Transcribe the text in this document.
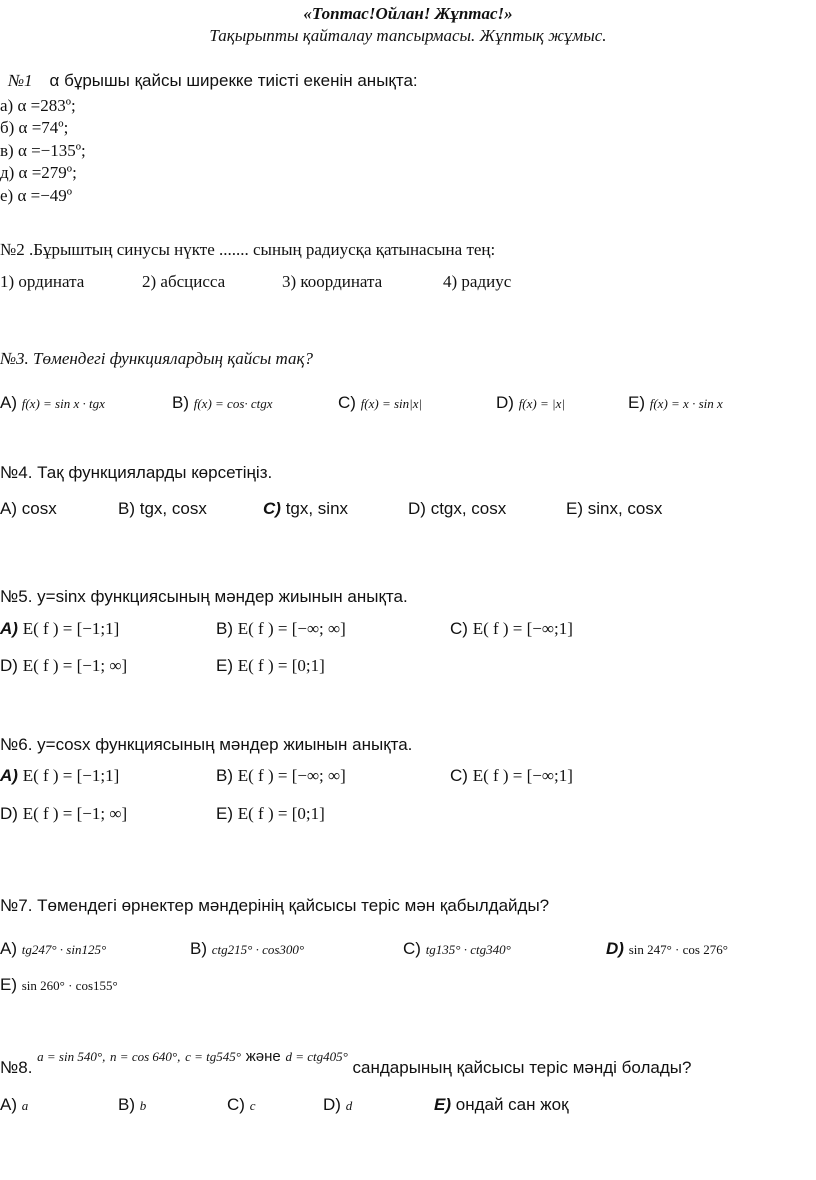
«Топтас!Ойлан! Жұптас!»
Тақырыпты қайталау тапсырмасы. Жұптық жұмыс.
№1 α бұрышы қайсы ширекке тиісті екенін анықта:
а) α =283º;
б) α =74º;
в) α =−135º;
д) α =279º;
е) α =−49º
№2 .Бұрыштың синусы нүкте ....... сының радиусқа қатынасына тең:
1) ордината	2) абсцисса	3) координата	4) радиус
№3. Төмендегі функциялардың қайсы тақ?
A) f(x) = sin x · tgx	B) f(x) = cos· ctgx	C) f(x) = sin|x|	D) f(x) = |x|	E) f(x) = x · sin x
№4. Тақ функцияларды көрсетіңіз.
A) cosx	B) tgx, cosx	C) tgx, sinx	D) ctgx, cosx	E) sinx, cosx
№5. y=sinx функциясының мәндер жиынын анықта.
A) E( f ) = [−1;1]	B) E( f ) = [−∞; ∞]	C) E( f ) = [−∞;1]
D) E( f ) = [−1; ∞]	E) E( f ) = [0;1]
№6. y=cosx функциясының мәндер жиынын анықта.
A) E( f ) = [−1;1]	B) E( f ) = [−∞; ∞]	C) E( f ) = [−∞;1]
D) E( f ) = [−1; ∞]	E) E( f ) = [0;1]
№7. Төмендегі өрнектер мәндерінің қайсысы теріс мән қабылдайды?
A) tg247° · sin125°	B) ctg215° · cos300°	C) tg135° · ctg340°	D) sin 247° · cos 276°
E) sin 260° · cos155°
№8. $^{a = sin 540^\circ,}$ $^{n = cos 640^\circ,}$ $^{c = tg545^\circ}$ және $^{d = ctg405^\circ}$ сандарының қайсысы теріс мәнді болады?
A) a	B) b	C) c	D) d	E) ондай сан жоқ
